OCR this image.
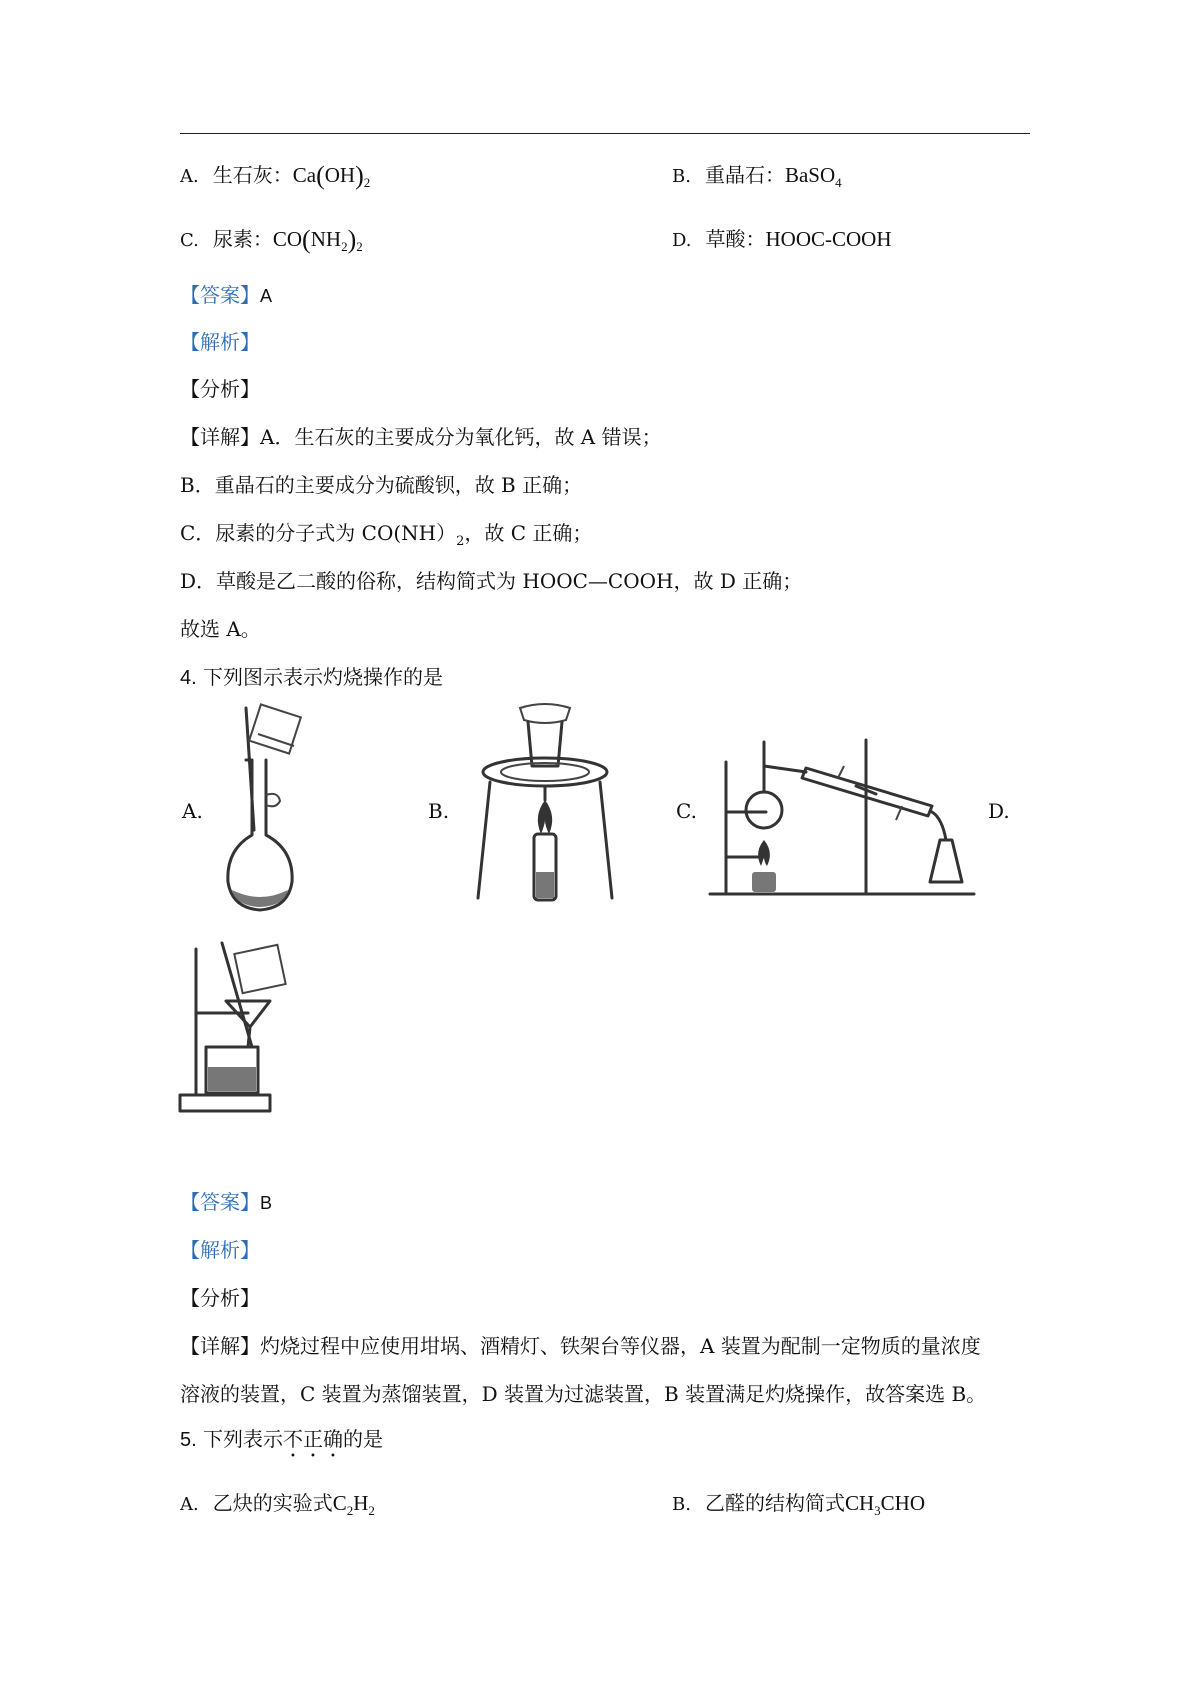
A. 生石灰：$Ca(OH)_2$	B. 重晶石：BaSO$_4$
C. 尿素：$CO(NH_2)_2$	D. 草酸：HOOC-COOH
【答案】A
【解析】
【分析】
【详解】A．生石灰的主要成分为氧化钙，故 A 错误；
B．重晶石的主要成分为硫酸钡，故 B 正确；
C．尿素的分子式为 $CO(NH)_2$，故 C 正确；
D．草酸是乙二酸的俗称，结构简式为 HOOC—COOH，故 D 正确；
故选 A。
4. 下列图示表示灼烧操作的是
A.	B.	C.	D.
【答案】B
【解析】
【分析】
【详解】灼烧过程中应使用坩埚、酒精灯、铁架台等仪器，A 装置为配制一定物质的量浓度
溶液的装置，C 装置为蒸馏装置，D 装置为过滤装置，B 装置满足灼烧操作，故答案选 B。
5. 下列表示不正确的是
A. 乙炔的实验式$C_2H_2$	B. 乙醛的结构简式$CH_3CHO$
